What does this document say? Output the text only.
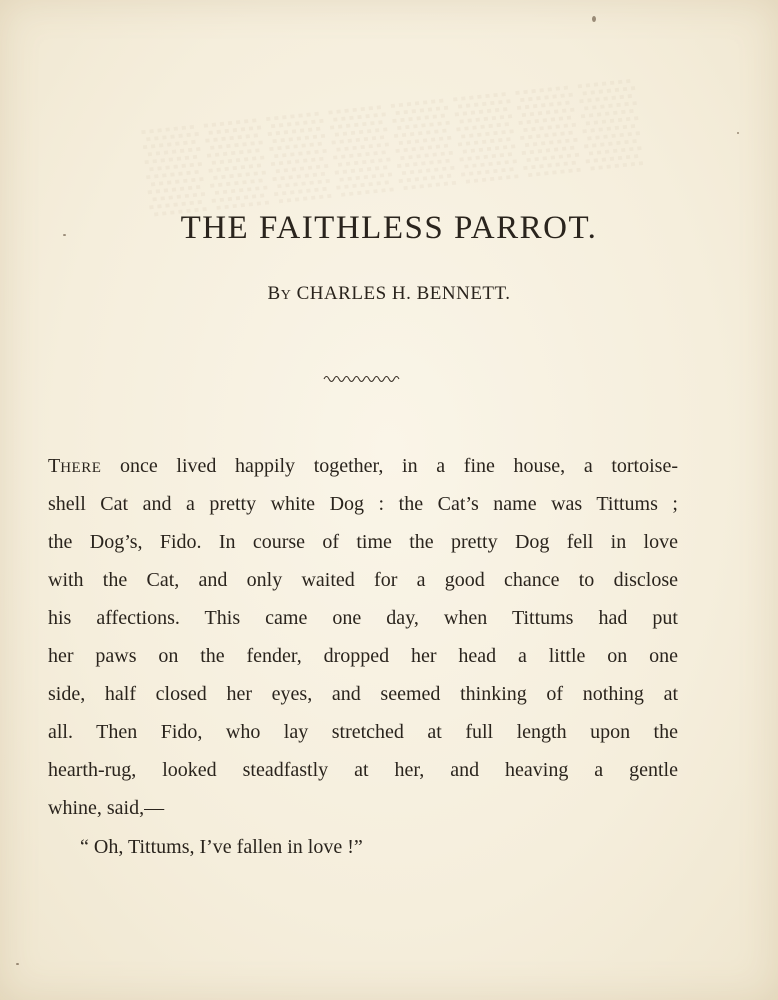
▒▒▒▒▒▒▒▒
THE FAITHLESS PARROT.
BY CHARLES H. BENNETT.
THERE once lived happily together, in a fine house, a tortoise-
shell Cat and a pretty white Dog : the Cat’s name was Tittums ;
the Dog’s, Fido. In course of time the pretty Dog fell in love
with the Cat, and only waited for a good chance to disclose
his affections. This came one day, when Tittums had put
her paws on the fender, dropped her head a little on one
side, half closed her eyes, and seemed thinking of nothing at
all. Then Fido, who lay stretched at full length upon the
hearth-rug, looked steadfastly at her, and heaving a gentle
whine, said,—
“ Oh, Tittums, I’ve fallen in love !”
